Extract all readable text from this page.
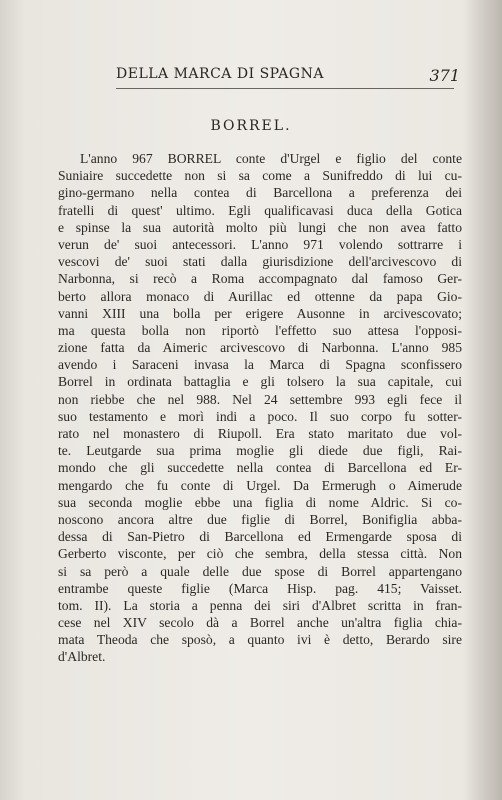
DELLA MARCA DI SPAGNA	371
BORREL.
L'anno 967 BORREL conte d'Urgel e figlio del conte
Suniaire succedette non si sa come a Sunifreddo di lui cu-
gino-germano nella contea di Barcellona a preferenza dei
fratelli di quest' ultimo. Egli qualificavasi duca della Gotica
e spinse la sua autorità molto più lungi che non avea fatto
verun de' suoi antecessori. L'anno 971 volendo sottrarre i
vescovi de' suoi stati dalla giurisdizione dell'arcivescovo di
Narbonna, si recò a Roma accompagnato dal famoso Ger-
berto allora monaco di Aurillac ed ottenne da papa Gio-
vanni XIII una bolla per erigere Ausonne in arcivescovato;
ma questa bolla non riportò l'effetto suo attesa l'opposi-
zione fatta da Aimeric arcivescovo di Narbonna. L'anno 985
avendo i Saraceni invasa la Marca di Spagna sconfissero
Borrel in ordinata battaglia e gli tolsero la sua capitale, cui
non riebbe che nel 988. Nel 24 settembre 993 egli fece il
suo testamento e morì indi a poco. Il suo corpo fu sotter-
rato nel monastero di Riupoll. Era stato maritato due vol-
te. Leutgarde sua prima moglie gli diede due figli, Rai-
mondo che gli succedette nella contea di Barcellona ed Er-
mengardo che fu conte di Urgel. Da Ermerugh o Aimerude
sua seconda moglie ebbe una figlia di nome Aldric. Si co-
noscono ancora altre due figlie di Borrel, Bonifiglia abba-
dessa di San-Pietro di Barcellona ed Ermengarde sposa di
Gerberto visconte, per ciò che sembra, della stessa città. Non
si sa però a quale delle due spose di Borrel appartengano
entrambe queste figlie (Marca Hisp. pag. 415; Vaisset.
tom. II). La storia a penna dei siri d'Albret scritta in fran-
cese nel XIV secolo dà a Borrel anche un'altra figlia chia-
mata Theoda che sposò, a quanto ivi è detto, Berardo sire
d'Albret.
